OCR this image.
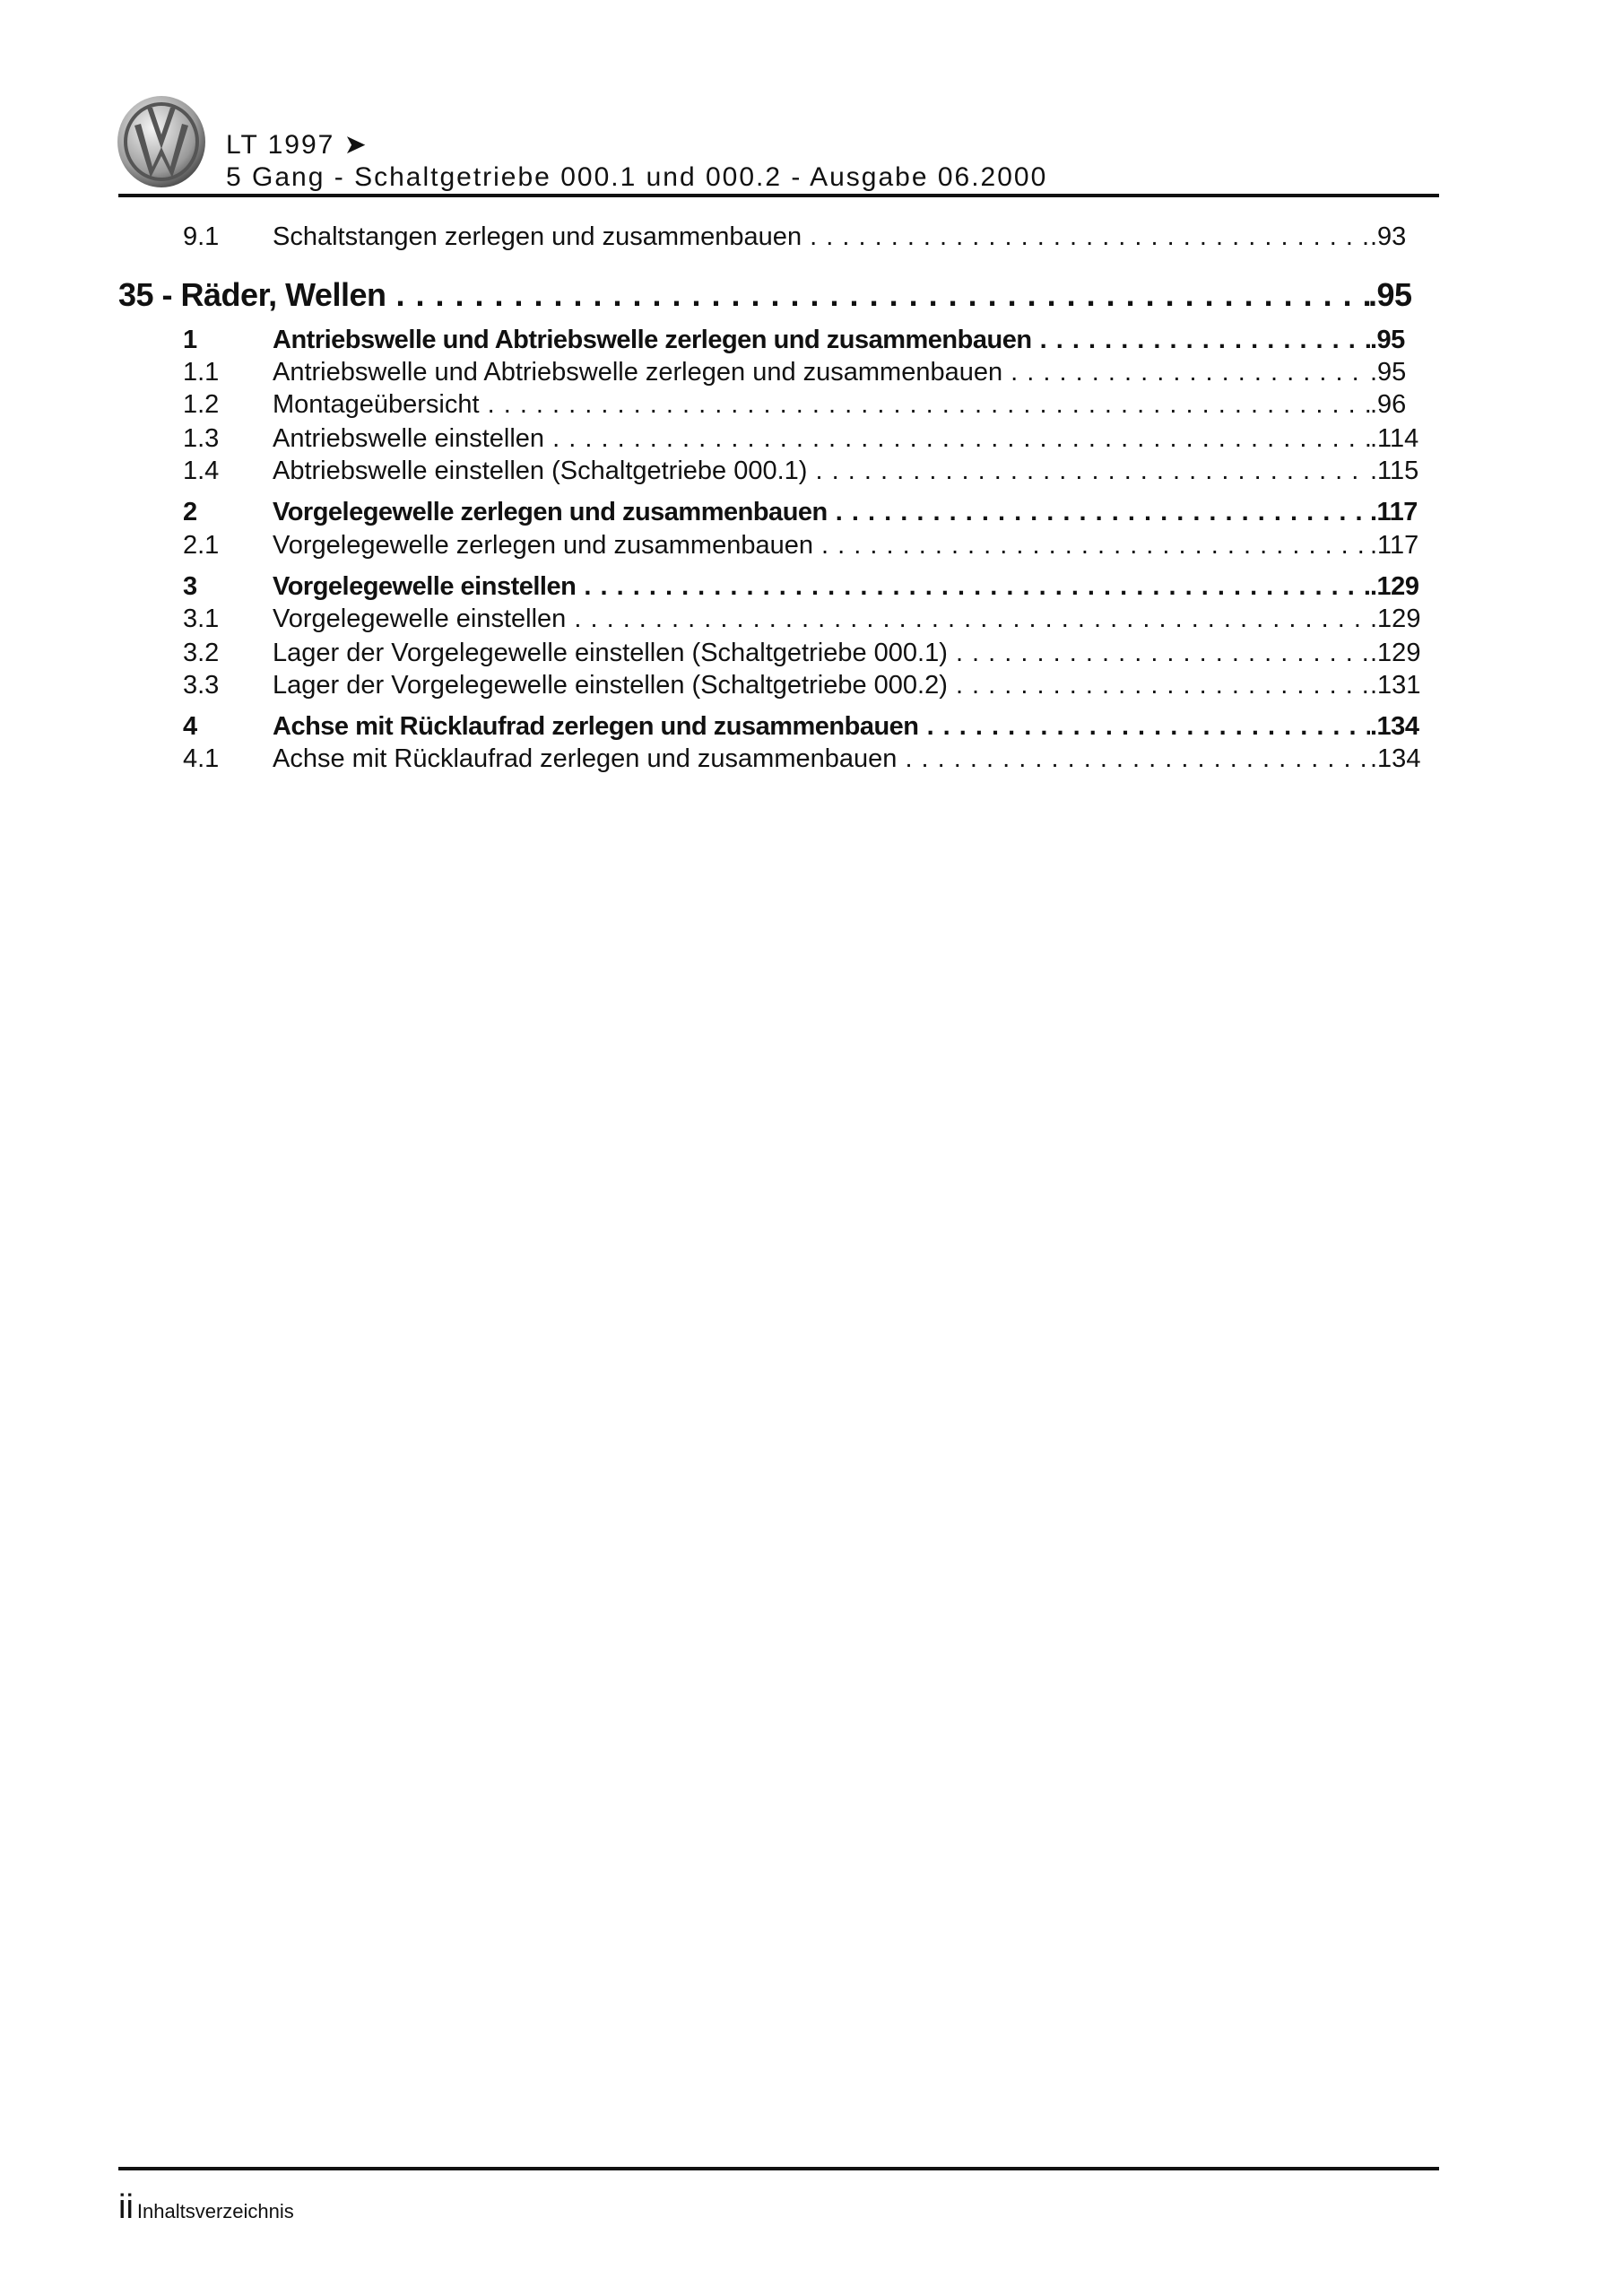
LT 1997 ➤
5 Gang - Schaltgetriebe 000.1 und 000.2 - Ausgabe 06.2000
9.1 Schaltstangen zerlegen und zusammenbauen . . .	.93
35 - Räder, Wellen . . .	.95
1	Antriebswelle und Abtriebswelle zerlegen und zusammenbauen . . .	.95
1.1 Antriebswelle und Abtriebswelle zerlegen und zusammenbauen . . .	.95
1.2 Montageübersicht . . .	.96
1.3 Antriebswelle einstellen . . .	.114
1.4 Abtriebswelle einstellen (Schaltgetriebe 000.1) . . .	.115
2	Vorgelegewelle zerlegen und zusammenbauen . . .	.117
2.1 Vorgelegewelle zerlegen und zusammenbauen . . .	.117
3	Vorgelegewelle einstellen . . .	.129
3.1 Vorgelegewelle einstellen . . .	.129
3.2 Lager der Vorgelegewelle einstellen (Schaltgetriebe 000.1) . . .	.129
3.3 Lager der Vorgelegewelle einstellen (Schaltgetriebe 000.2) . . .	.131
4	Achse mit Rücklaufrad zerlegen und zusammenbauen . . .	.134
4.1 Achse mit Rücklaufrad zerlegen und zusammenbauen . . .	.134
ii Inhaltsverzeichnis
